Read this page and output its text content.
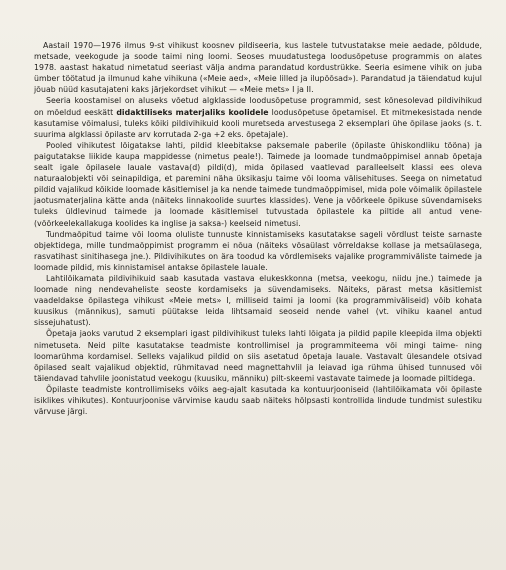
Aastail 1970—1976 ilmus 9-st vihikust koosnev pildiseeria, kus lastele tutvustatakse meie aedade, põldude, metsade, veekogude ja soode taimi ning loomi. Seoses muudatustega loodusõpetuse programmis on alates 1978. aastast hakatud nimetatud seeriast välja andma parandatud kordustrükke. Seeria esimene vihik on juba ümber töötatud ja ilmunud kahe vihikuna («Meie aed», «Meie lilled ja ilupõõsad»). Parandatud ja täiendatud kujul jõuab nüüd kasutajateni kaks järjekordset vihikut — «Meie mets» I ja II.

Seeria koostamisel on aluseks võetud algklasside loodusõpetuse programmid, sest kõnesolevad pildivihikud on mõeldud eeskätt didaktiliseks materjaliks koolidele loodusõpetuse õpetamisel. Et mitmekesistada nende kasutamise võimalusi, tuleks kõiki pildivihikuid kooli muretseda arvestusega 2 eksemplari ühe õpilase jaoks (s. t. suurima algklassi õpilaste arv korrutada 2-ga +2 eks. õpetajale).

Pooled vihikutest lõigatakse lahti, pildid kleebitakse paksemale paberile (õpilaste ühiskondliku tööna) ja paigutatakse liikide kaupa mappidesse (nimetus peale!). Taimede ja loomade tundmaõppimisel annab õpetaja sealt igale õpilasele lauale vastava(d) pildi(d), mida õpilased vaatlevad paralleelselt klassi ees oleva naturaalobjekti või seinapildiga, et paremini näha üksikasju taime või looma välisehituses. Seega on nimetatud pildid vajalikud kõikide loomade käsitlemisel ja ka nende taimede tundmaõppimisel, mida pole võimalik õpilastele jaotusmaterjalina kätte anda (näiteks linnakoolide suurtes klassides). Vene ja võõrkeele õpikuse süvendamiseks tuleks üldlevinud taimede ja loomade käsitlemisel tutvustada õpilastele ka piltide all antud vene- (võõrkeelekallakuga koolides ka inglise ja saksa-) keelseid nimetusi.

Tundmaõpitud taime või looma oluliste tunnuste kinnistamiseks kasutatakse sageli võrdlust teiste sarnaste objektidega, mille tundmaõppimist programm ei nõua (näiteks võsaülast võrreldakse kollase ja metsaülasega, rasvatihast sinitihasega jne.). Pildivihikutes on ära toodud ka võrdlemiseks vajalike programmiväliste taimede ja loomade pildid, mis kinnistamisel antakse õpilastele lauale.

Lahtilõikamata pildivihikuid saab kasutada vastava elukeskkonna (metsa, veekogu, niidu jne.) taimede ja loomade ning nendevaheliste seoste kordamiseks ja süvendamiseks. Näiteks, pärast metsa käsitlemist vaadeldakse õpilastega vihikust «Meie mets» I, milliseid taimi ja loomi (ka programmiväliseid) võib kohata kuusikus (männikus), samuti püütakse leida lihtsamaid seoseid nende vahel (vt. vihiku kaanel antud sissejuhatust).

Õpetaja jaoks varutud 2 eksemplari igast pildivihikust tuleks lahti lõigata ja pildid papile kleepida ilma objekti nimetuseta. Neid pilte kasutatakse teadmiste kontrollimisel ja programmiteema või mingi taime- ning loomarühma kordamisel. Selleks vajalikud pildid on siis asetatud õpetaja lauale. Vastavalt ülesandele otsivad õpilased sealt vajalikud objektid, rühmitavad need magnettahvlil ja leiavad iga rühma ühised tunnused või täiendavad tahvlile joonistatud veekogu (kuusiku, männiku) pilt-skeemi vastavate taimede ja loomade piltidega.

Õpilaste teadmiste kontrollimiseks võiks aeg-ajalt kasutada ka kontuurjooniseid (lahtilõikamata või õpilaste isiklikes vihikutes). Kontuurjoonise värvimise kaudu saab näiteks hõlpsasti kontrollida lindude tundmist sulestiku värvuse järgi.
